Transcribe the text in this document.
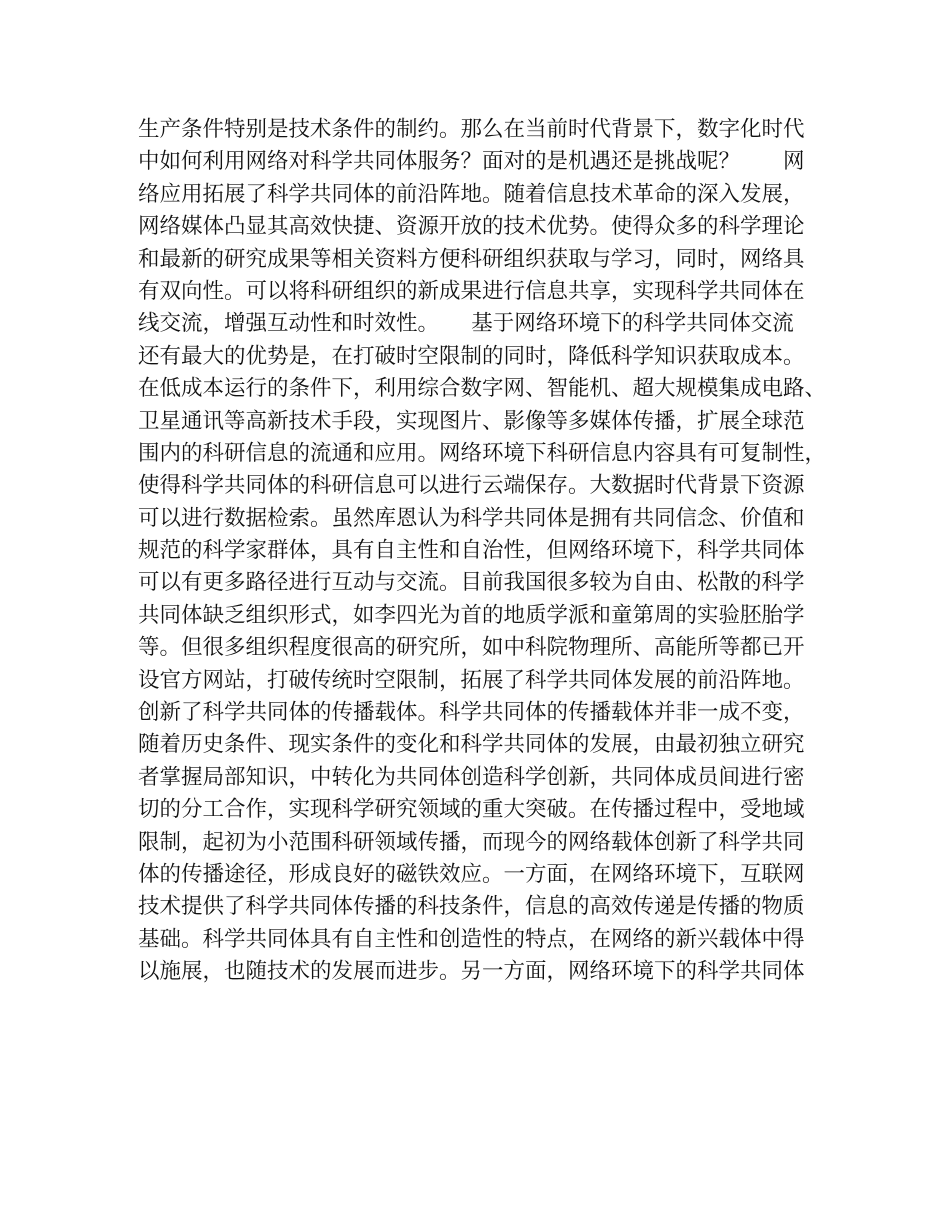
生产条件特别是技术条件的制约。那么在当前时代背景下，数字化时代
中如何利用网络对科学共同体服务？面对的是机遇还是挑战呢？　　网
络应用拓展了科学共同体的前沿阵地。随着信息技术革命的深入发展，
网络媒体凸显其高效快捷、资源开放的技术优势。使得众多的科学理论
和最新的研究成果等相关资料方便科研组织获取与学习，同时，网络具
有双向性。可以将科研组织的新成果进行信息共享，实现科学共同体在
线交流，增强互动性和时效性。　　基于网络环境下的科学共同体交流
还有最大的优势是，在打破时空限制的同时，降低科学知识获取成本。
在低成本运行的条件下，利用综合数字网、智能机、超大规模集成电路、
卫星通讯等高新技术手段，实现图片、影像等多媒体传播，扩展全球范
围内的科研信息的流通和应用。网络环境下科研信息内容具有可复制性，
使得科学共同体的科研信息可以进行云端保存。大数据时代背景下资源
可以进行数据检索。虽然库恩认为科学共同体是拥有共同信念、价值和
规范的科学家群体，具有自主性和自治性，但网络环境下，科学共同体
可以有更多路径进行互动与交流。目前我国很多较为自由、松散的科学
共同体缺乏组织形式，如李四光为首的地质学派和童第周的实验胚胎学
等。但很多组织程度很高的研究所，如中科院物理所、高能所等都已开
设官方网站，打破传统时空限制，拓展了科学共同体发展的前沿阵地。
创新了科学共同体的传播载体。科学共同体的传播载体并非一成不变，
随着历史条件、现实条件的变化和科学共同体的发展，由最初独立研究
者掌握局部知识，中转化为共同体创造科学创新，共同体成员间进行密
切的分工合作，实现科学研究领域的重大突破。在传播过程中，受地域
限制，起初为小范围科研领域传播，而现今的网络载体创新了科学共同
体的传播途径，形成良好的磁铁效应。一方面，在网络环境下，互联网
技术提供了科学共同体传播的科技条件，信息的高效传递是传播的物质
基础。科学共同体具有自主性和创造性的特点，在网络的新兴载体中得
以施展，也随技术的发展而进步。另一方面，网络环境下的科学共同体
